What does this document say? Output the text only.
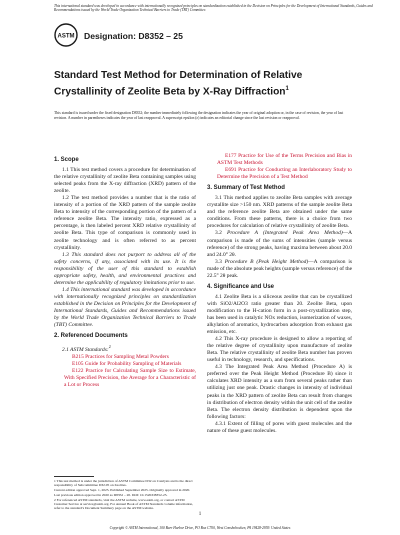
This international standard was developed in accordance with internationally recognized principles on standardization established in the Decision on Principles for the Development of International Standards, Guides and Recommendations issued by the World Trade Organization Technical Barriers to Trade (TBT) Committee.
ASTM Designation: D8352 – 25
Standard Test Method for Determination of Relative Crystallinity of Zeolite Beta by X-Ray Diffraction$^1$
This standard is issued under the fixed designation D8352; the number immediately following the designation indicates the year of original adoption or, in the case of revision, the year of last revision. A number in parentheses indicates the year of last reapproval. A superscript epsilon (ε) indicates an editorial change since the last revision or reapproval.
1. Scope

1.1 This test method covers a procedure for determination of the relative crystallinity of zeolite Beta containing samples using selected peaks from the X-ray diffraction (XRD) pattern of the zeolite.

1.2 The test method provides a number that is the ratio of intensity of a portion of the XRD pattern of the sample zeolite Beta to intensity of the corresponding portion of the pattern of a reference zeolite Beta. The intensity ratio, expressed as a percentage, is then labeled percent XRD relative crystallinity of zeolite Beta. This type of comparison is commonly used in zeolite technology and is often referred to as percent crystallinity.

1.3 This standard does not purport to address all of the safety concerns, if any, associated with its use. It is the responsibility of the user of this standard to establish appropriate safety, health, and environmental practices and determine the applicability of regulatory limitations prior to use.

1.4 This international standard was developed in accordance with internationally recognized principles on standardization established in the Decision on Principles for the Development of International Standards, Guides and Recommendations issued by the World Trade Organization Technical Barriers to Trade (TBT) Committee.

2. Referenced Documents

2.1 ASTM Standards:$^2$

B215 Practices for Sampling Metal Powders

E105 Guide for Probability Sampling of Materials

E122 Practice for Calculating Sample Size to Estimate, With Specified Precision, the Average for a Characteristic of a Lot or Process

E177 Practice for Use of the Terms Precision and Bias in ASTM Test Methods

E691 Practice for Conducting an Interlaboratory Study to Determine the Precision of a Test Method

3. Summary of Test Method

3.1 This method applies to zeolite Beta samples with average crystallite size >150 nm. XRD patterns of the sample zeolite Beta and the reference zeolite Beta are obtained under the same conditions. From these patterns, there is a choice from two procedures for calculation of relative crystallinity of zeolite Beta.

3.2 Procedure A (Integrated Peak Area Method)—A comparison is made of the sums of intensities (sample versus reference) of the strong peaks, having maxima between about 20.0 and 24.0° 2θ.

3.3 Procedure B (Peak Height Method)—A comparison is made of the absolute peak heights (sample versus reference) of the 22.5° 2θ peak.

4. Significance and Use

4.1 Zeolite Beta is a siliceous zeolite that can be crystallized with SiO2/Al2O3 ratio greater than 20. Zeolite Beta, upon modification to the H-cation form in a post-crystallization step, has been used in catalytic NOx reduction, isomerization of waxes, alkylation of aromatics, hydrocarbon adsorption from exhaust gas emission, etc.

4.2 This X-ray procedure is designed to allow a reporting of the relative degree of crystallinity upon manufacture of zeolite Beta. The relative crystallinity of zeolite Beta number has proven useful in technology, research, and specifications.

4.3 The Integrated Peak Area Method (Procedure A) is preferred over the Peak Height Method (Procedure B) since it calculates XRD intensity as a sum from several peaks rather than utilizing just one peak. Drastic changes in intensity of individual peaks in the XRD pattern of zeolite Beta can result from changes in distribution of electron density within the unit cell of the zeolite Beta. The electron density distribution is dependent upon the following factors:

4.3.1 Extent of filling of pores with guest molecules and the nature of these guest molecules.

1 This test method is under the jurisdiction of ASTM Committee D32 on Catalysts and is the direct responsibility of Subcommittee D32.05 on Zeolites.

Current edition approved Sept. 1, 2025. Published September 2025. Originally approved in 2020. Last previous edition approved in 2020 as D8352 – 20. DOI: 10.1520/D8352-25.

2 For referenced ASTM standards, visit the ASTM website, www.astm.org, or contact ASTM Customer Service at service@astm.org. For Annual Book of ASTM Standards volume information, refer to the standard's Document Summary page on the ASTM website.

1
Copyright © ASTM International, 100 Barr Harbor Drive, PO Box C700, West Conshohocken, PA 19428-2959. United States
